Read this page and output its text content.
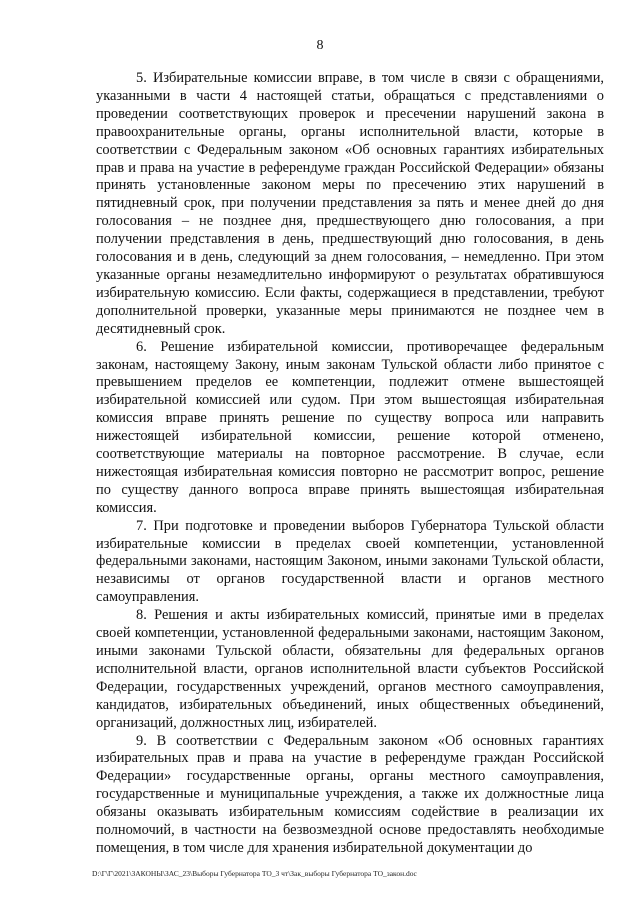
8

5. Избирательные комиссии вправе, в том числе в связи с обращениями, указанными в части 4 настоящей статьи, обращаться с представлениями о проведении соответствующих проверок и пресечении нарушений закона в правоохранительные органы, органы исполнительной власти, которые в соответствии с Федеральным законом «Об основных гарантиях избирательных прав и права на участие в референдуме граждан Российской Федерации» обязаны принять установленные законом меры по пресечению этих нарушений в пятидневный срок, при получении представления за пять и менее дней до дня голосования – не позднее дня, предшествующего дню голосования, а при получении представления в день, предшествующий дню голосования, в день голосования и в день, следующий за днем голосования, – немедленно. При этом указанные органы незамедлительно информируют о результатах обратившуюся избирательную комиссию. Если факты, содержащиеся в представлении, требуют дополнительной проверки, указанные меры принимаются не позднее чем в десятидневный срок.

6. Решение избирательной комиссии, противоречащее федеральным законам, настоящему Закону, иным законам Тульской области либо принятое с превышением пределов ее компетенции, подлежит отмене вышестоящей избирательной комиссией или судом. При этом вышестоящая избирательная комиссия вправе принять решение по существу вопроса или направить нижестоящей избирательной комиссии, решение которой отменено, соответствующие материалы на повторное рассмотрение. В случае, если нижестоящая избирательная комиссия повторно не рассмотрит вопрос, решение по существу данного вопроса вправе принять вышестоящая избирательная комиссия.

7. При подготовке и проведении выборов Губернатора Тульской области избирательные комиссии в пределах своей компетенции, установленной федеральными законами, настоящим Законом, иными законами Тульской области, независимы от органов государственной власти и органов местного самоуправления.

8. Решения и акты избирательных комиссий, принятые ими в пределах своей компетенции, установленной федеральными законами, настоящим Законом, иными законами Тульской области, обязательны для федеральных органов исполнительной власти, органов исполнительной власти субъектов Российской Федерации, государственных учреждений, органов местного самоуправления, кандидатов, избирательных объединений, иных общественных объединений, организаций, должностных лиц, избирателей.

9. В соответствии с Федеральным законом «Об основных гарантиях избирательных прав и права на участие в референдуме граждан Российской Федерации» государственные органы, органы местного самоуправления, государственные и муниципальные учреждения, а также их должностные лица обязаны оказывать избирательным комиссиям содействие в реализации их полномочий, в частности на безвозмездной основе предоставлять необходимые помещения, в том числе для хранения избирательной документации до

D:\Г\Г\2021\ЗАКОНЫ\ЗАС_23\Выборы Губернатора ТО_3 чт\Зак_выборы Губернатора ТО_закон.doc
